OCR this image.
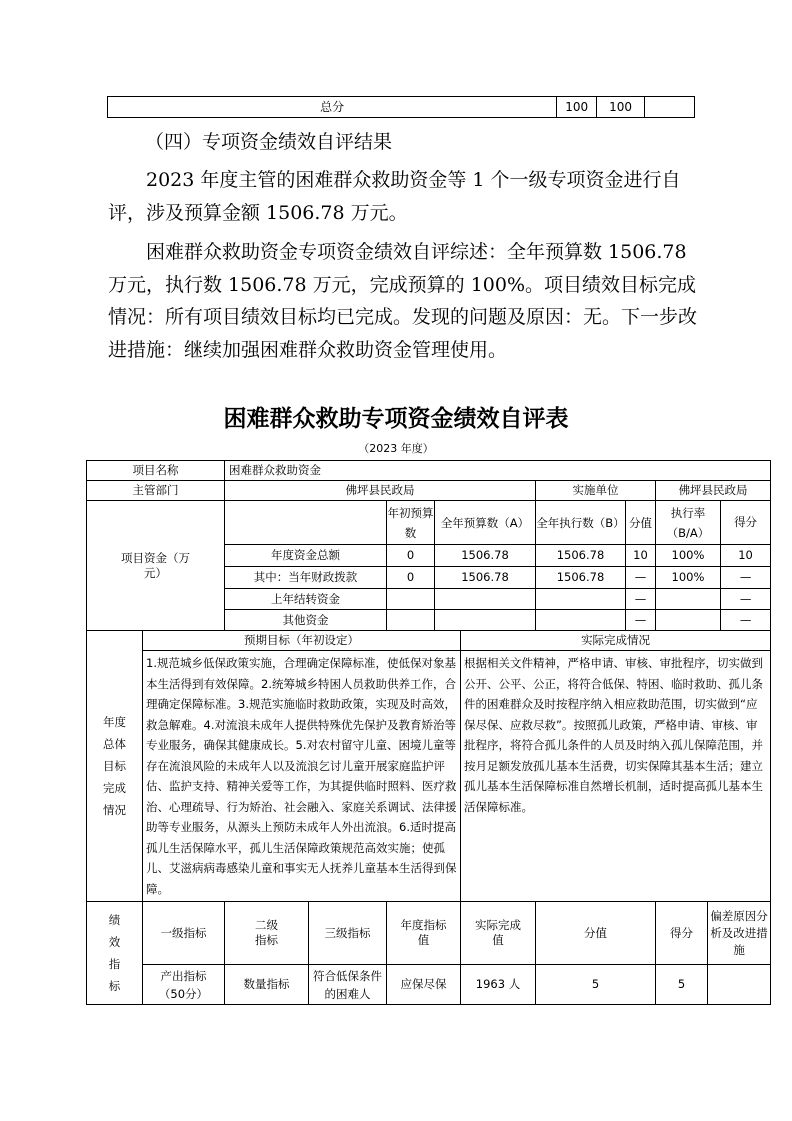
总分	100	100	
（四）专项资金绩效自评结果

2023 年度主管的困难群众救助资金等 1 个一级专项资金进行自评，涉及预算金额 1506.78 万元。

困难群众救助资金专项资金绩效自评综述：全年预算数 1506.78 万元，执行数 1506.78 万元，完成预算的 100%。项目绩效目标完成情况：所有项目绩效目标均已完成。发现的问题及原因：无。下一步改进措施：继续加强困难群众救助资金管理使用。

困难群众救助专项资金绩效自评表
（2023 年度）
项目名称		困难群众救助资金									
主管部门		佛坪县民政局					实施单位		佛坪县民政局		
项目资金（万元）				年初预算数	全年预算数（A）		全年执行数（B）	分值	执行率（B/A）		得分
		年度资金总额		0	1506.78		1506.78	10	100%		10
		其中：当年财政拨款		0	1506.78		1506.78	—	100%		—
		上年结转资金						—			—
		其他资金						—			—
年度总体目标完成情况	预期目标（年初设定）					实际完成情况					
	1.规范城乡低保政策实施，合理确定保障标准，使低保对象基本生活得到有效保障。2.统筹城乡特困人员救助供养工作，合理确定保障标准。3.规范实施临时救助政策，实现及时高效，救急解难。4.对流浪未成年人提供特殊优先保护及教育矫治等专业服务，确保其健康成长。5.对农村留守儿童、困境儿童等存在流浪风险的未成年人以及流浪乞讨儿童开展家庭监护评估、监护支持、精神关爱等工作，为其提供临时照料、医疗救治、心理疏导、行为矫治、社会融入、家庭关系调试、法律援助等专业服务，从源头上预防未成年人外出流浪。6.适时提高孤儿生活保障水平，孤儿生活保障政策规范高效实施；使孤儿、艾滋病病毒感染儿童和事实无人抚养儿童基本生活得到保障。					根据相关文件精神，严格申请、审核、审批程序，切实做到公开、公平、公正，将符合低保、特困、临时救助、孤儿条件的困难群众及时按程序纳入相应救助范围，切实做到“应保尽保、应救尽救”。按照孤儿政策，严格申请、审核、审批程序，将符合孤儿条件的人员及时纳入孤儿保障范围，并按月足额发放孤儿基本生活费，切实保障其基本生活；建立孤儿基本生活保障标准自然增长机制，适时提高孤儿基本生活保障标准。					
绩效指标	一级指标	二级指标	三级指标	年度指标值		实际完成值	分值		得分	偏差原因分析及改进措施	
	产出指标（50分）	数量指标	符合低保条件的困难人	应保尽保		1963 人	5		5		
